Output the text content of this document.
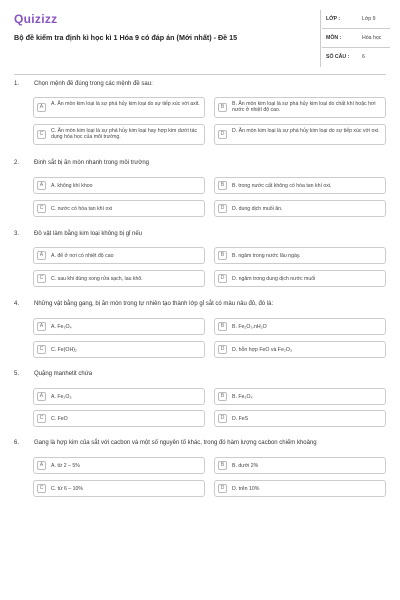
Quizizz
Bộ đề kiểm tra định kì học kì 1 Hóa 9 có đáp án (Mới nhất) - Đề 15
LỚP :	Lớp 9
MÔN :	Hóa học
SỐ CÂU : 6
1. Chọn mệnh đề đúng trong các mệnh đề sau:
A	A. Ăn mòn kim loại là sự phá hủy kim loại do sự tiếp xúc với axit.	B	B. Ăn mòn kim loại là sự phá hủy kim loại do chất khí hoặc hơi nước ở nhiệt độ cao.
C	C. Ăn mòn kim loại là sự phá hủy kim loại hay hợp kim dưới tác dụng hóa học của môi trường.
D	D. Ăn mòn kim loại là sự phá hủy kim loại do sự tiếp xúc với oxi.
2. Đinh sắt bị ăn mòn nhanh trong môi trường
A	A. không khí khoo	B	B. trong nước cất không có hòa tan khí oxi.
C	C. nước có hòa tan khí oxi	D	D. dung dịch muối ăn.
3. Đồ vật làm bằng kim loại không bị gỉ nếu
A	A. để ở nơi có nhiệt độ cao	B	B. ngâm trong nước lâu ngày.
C	C. sau khi dùng xong rửa sạch, lau khô.	D	D. ngâm trong dung dịch nước muối
4. Những vật bằng gang, bị ăn mòn trong tự nhiên tạo thành lớp gỉ sắt có màu nâu đỏ, đó là:
A	A. Fe₃O₄	B	B. Fe₂O₃.nH₂O
C	C. Fe(OH)₂	D	D. hỗn hợp FeO và Fe₂O₃
5. Quặng manhetit chứa
A	A. Fe₂O₃	B	B. Fe₃O₄
C	C. FeO	D	D. FeS
6. Gang là hợp kim của sắt với cacbon và một số nguyên tố khác, trong đó hàm lượng cacbon chiếm khoảng
A	A. từ 2 – 5%	B	B. dưới 2%
C	C. từ 6 – 10%	D	D. trên 10%
